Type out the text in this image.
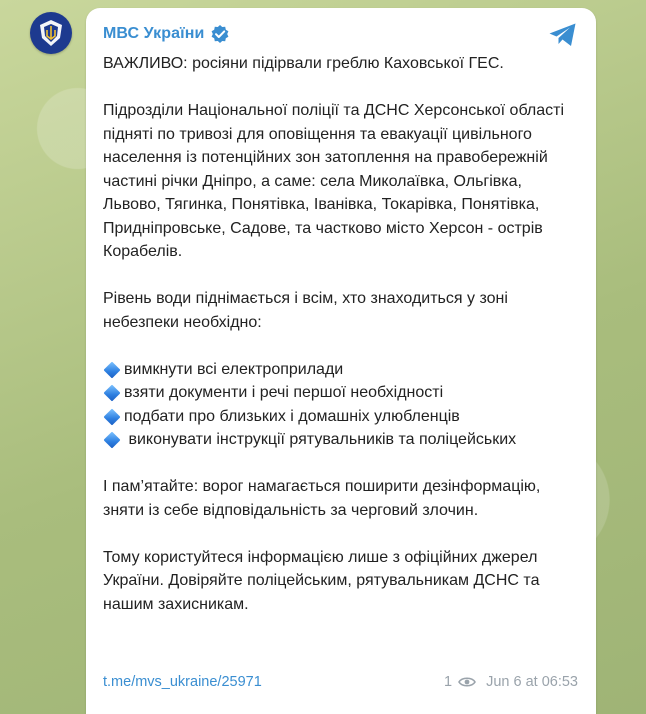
МВС України

ВАЖЛИВО: росіяни підірвали греблю Каховської ГЕС.

Підрозділи Національної поліції та ДСНС Херсонської області підняті по тривозі для оповіщення та евакуації цивільного населення із потенційних зон затоплення на правобережній частині річки Дніпро, а саме: села Миколаївка, Ольгівка, Львово, Тягинка, Понятівка, Іванівка, Токарівка, Понятівка, Придніпровське, Садове, та частково місто Херсон - острів Корабелів.

Рівень води піднімається і всім, хто знаходиться у зоні небезпеки необхідно:

вимкнути всі електроприлади
взяти документи і речі першої необхідності
подбати про близьких і домашніх улюбленців
виконувати інструкції рятувальників та поліцейських

І пам’ятайте: ворог намагається поширити дезінформацію, зняти із себе відповідальність за черговий злочин.

Тому користуйтеся інформацією лише з офіційних джерел України. Довіряйте поліцейським, рятувальникам ДСНС та нашим захисникам.

t.me/mvs_ukraine/25971	1 Jun 6 at 06:53
